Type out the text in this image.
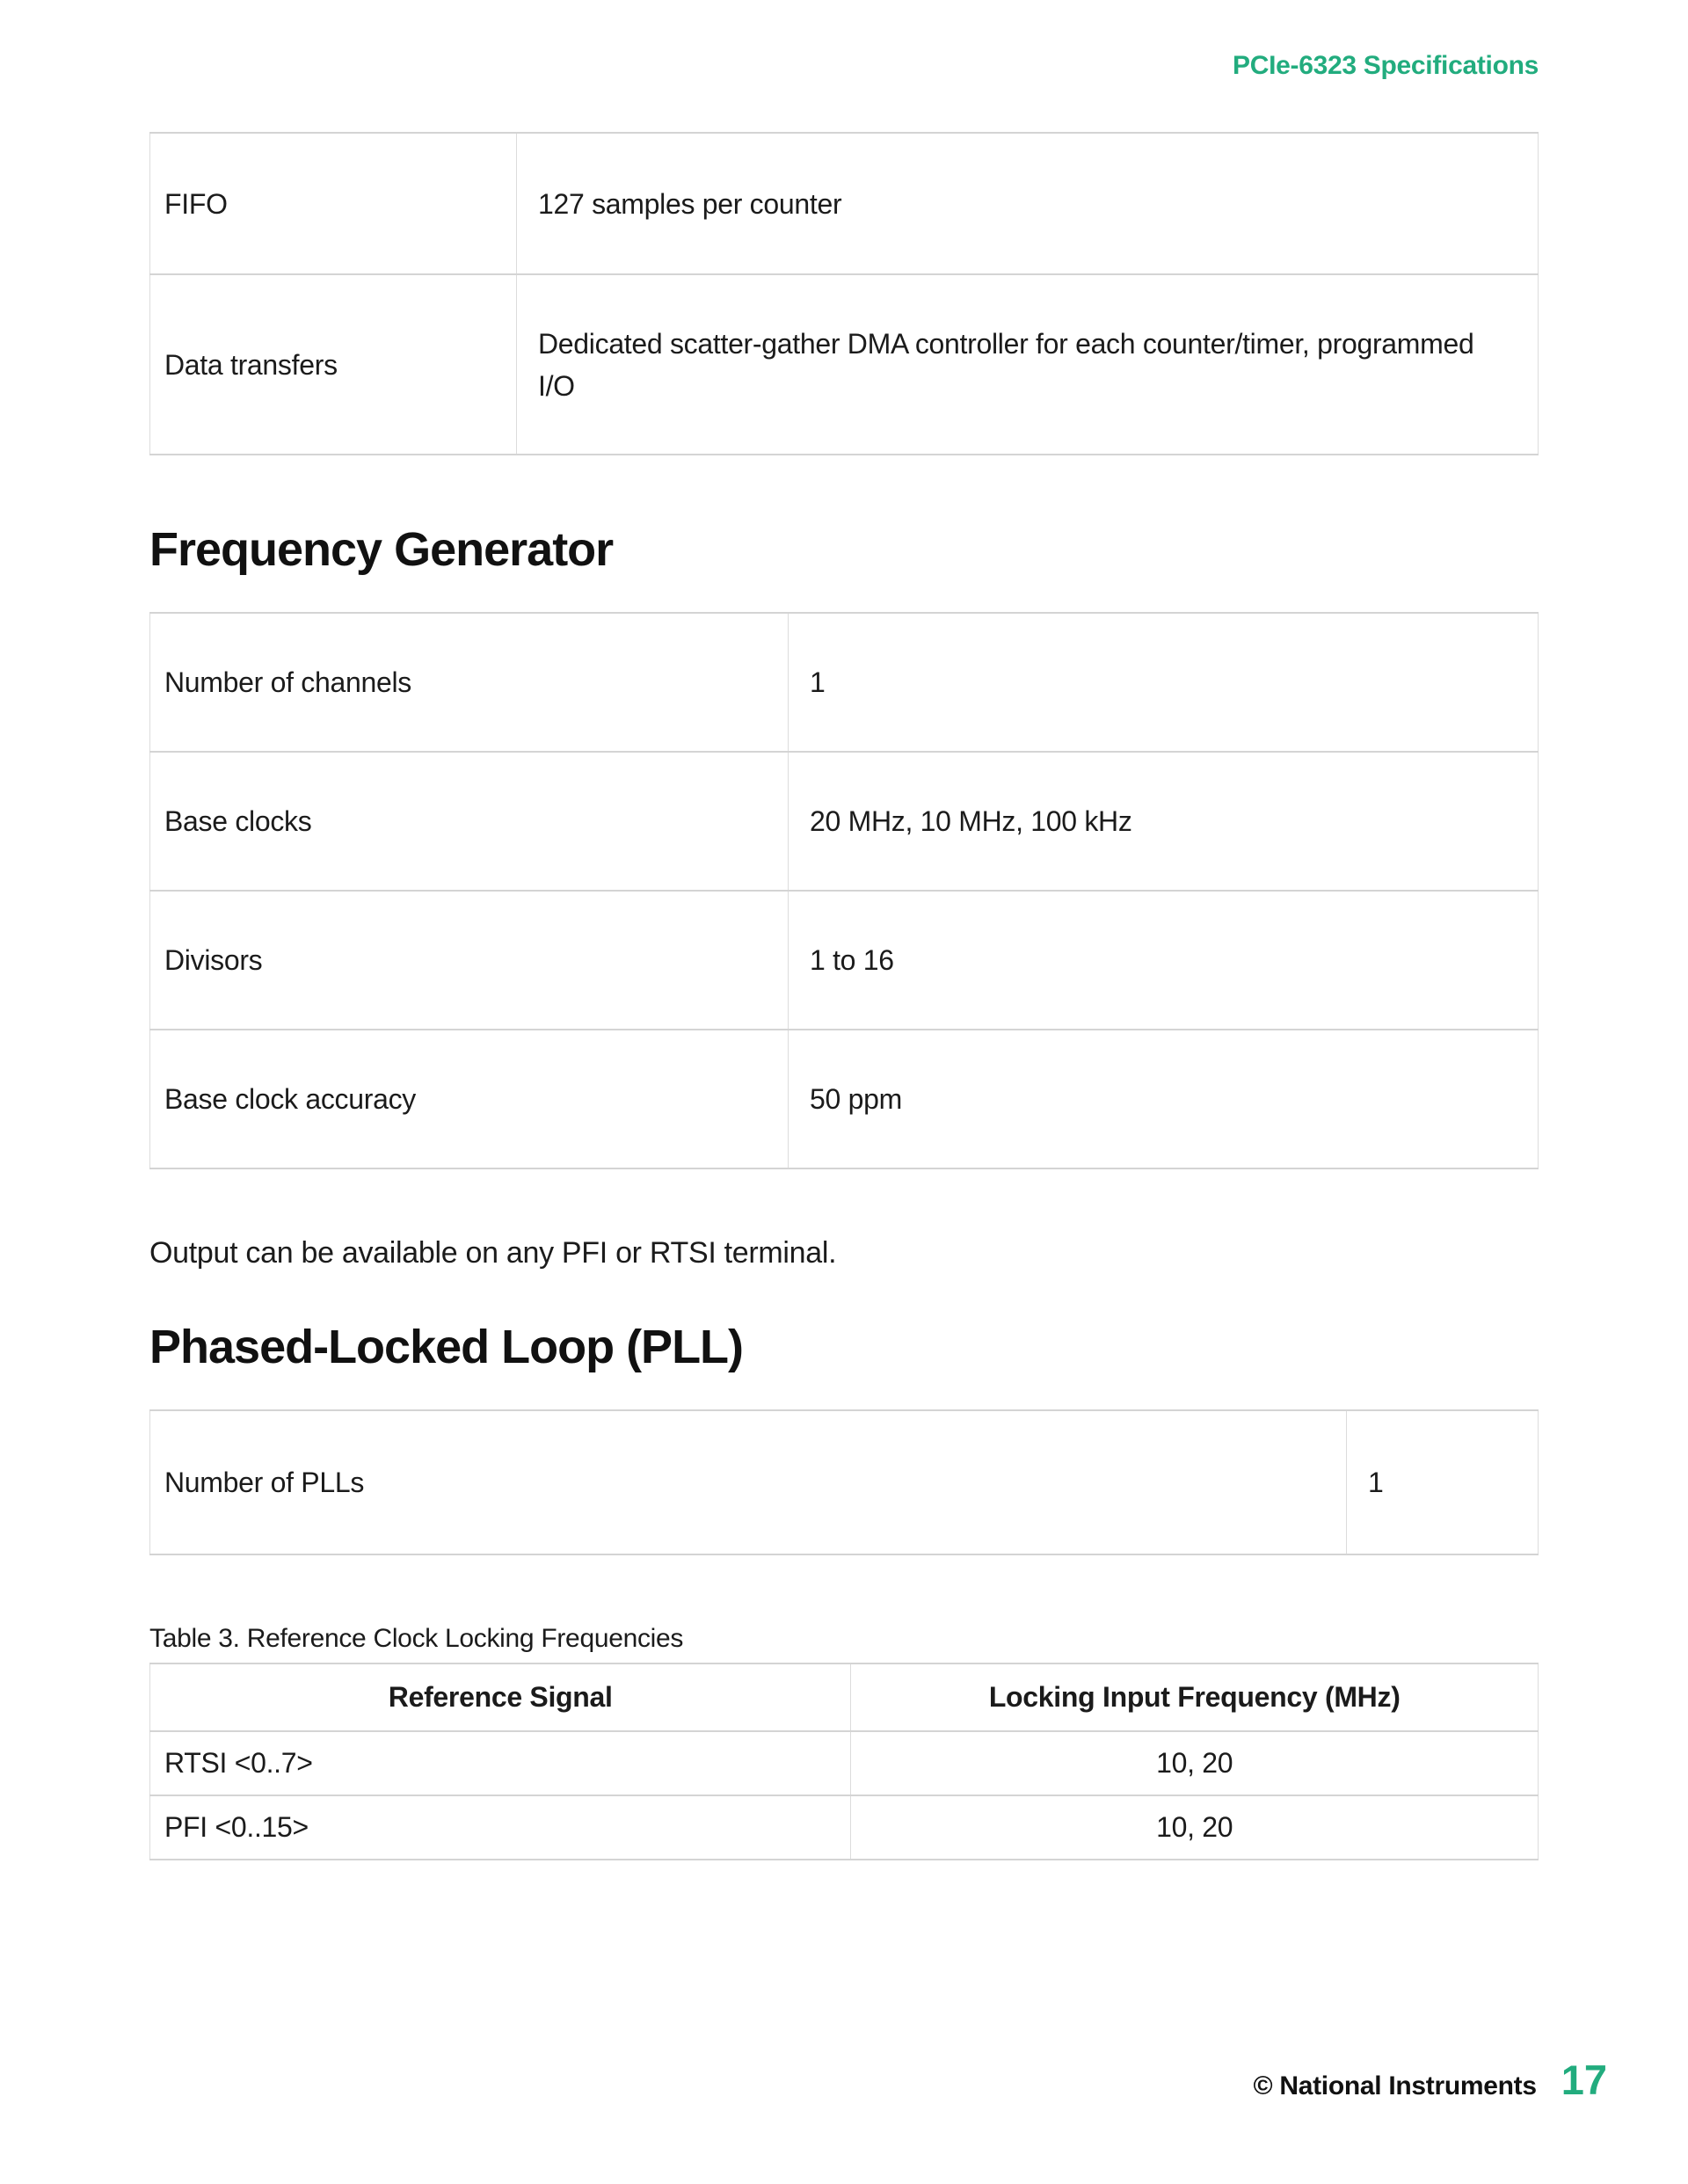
PCIe-6323 Specifications
FIFO	127 samples per counter
Data transfers	Dedicated scatter-gather DMA controller for each counter/timer, programmed I/O
Frequency Generator
Number of channels	1
Base clocks	20 MHz, 10 MHz, 100 kHz
Divisors	1 to 16
Base clock accuracy	50 ppm

Output can be available on any PFI or RTSI terminal.

Phased-Locked Loop (PLL)
Number of PLLs	1

Table 3. Reference Clock Locking Frequencies

Reference Signal	Locking Input Frequency (MHz)
RTSI <0..7>	10, 20
PFI <0..15>	10, 20
© National Instruments 17
